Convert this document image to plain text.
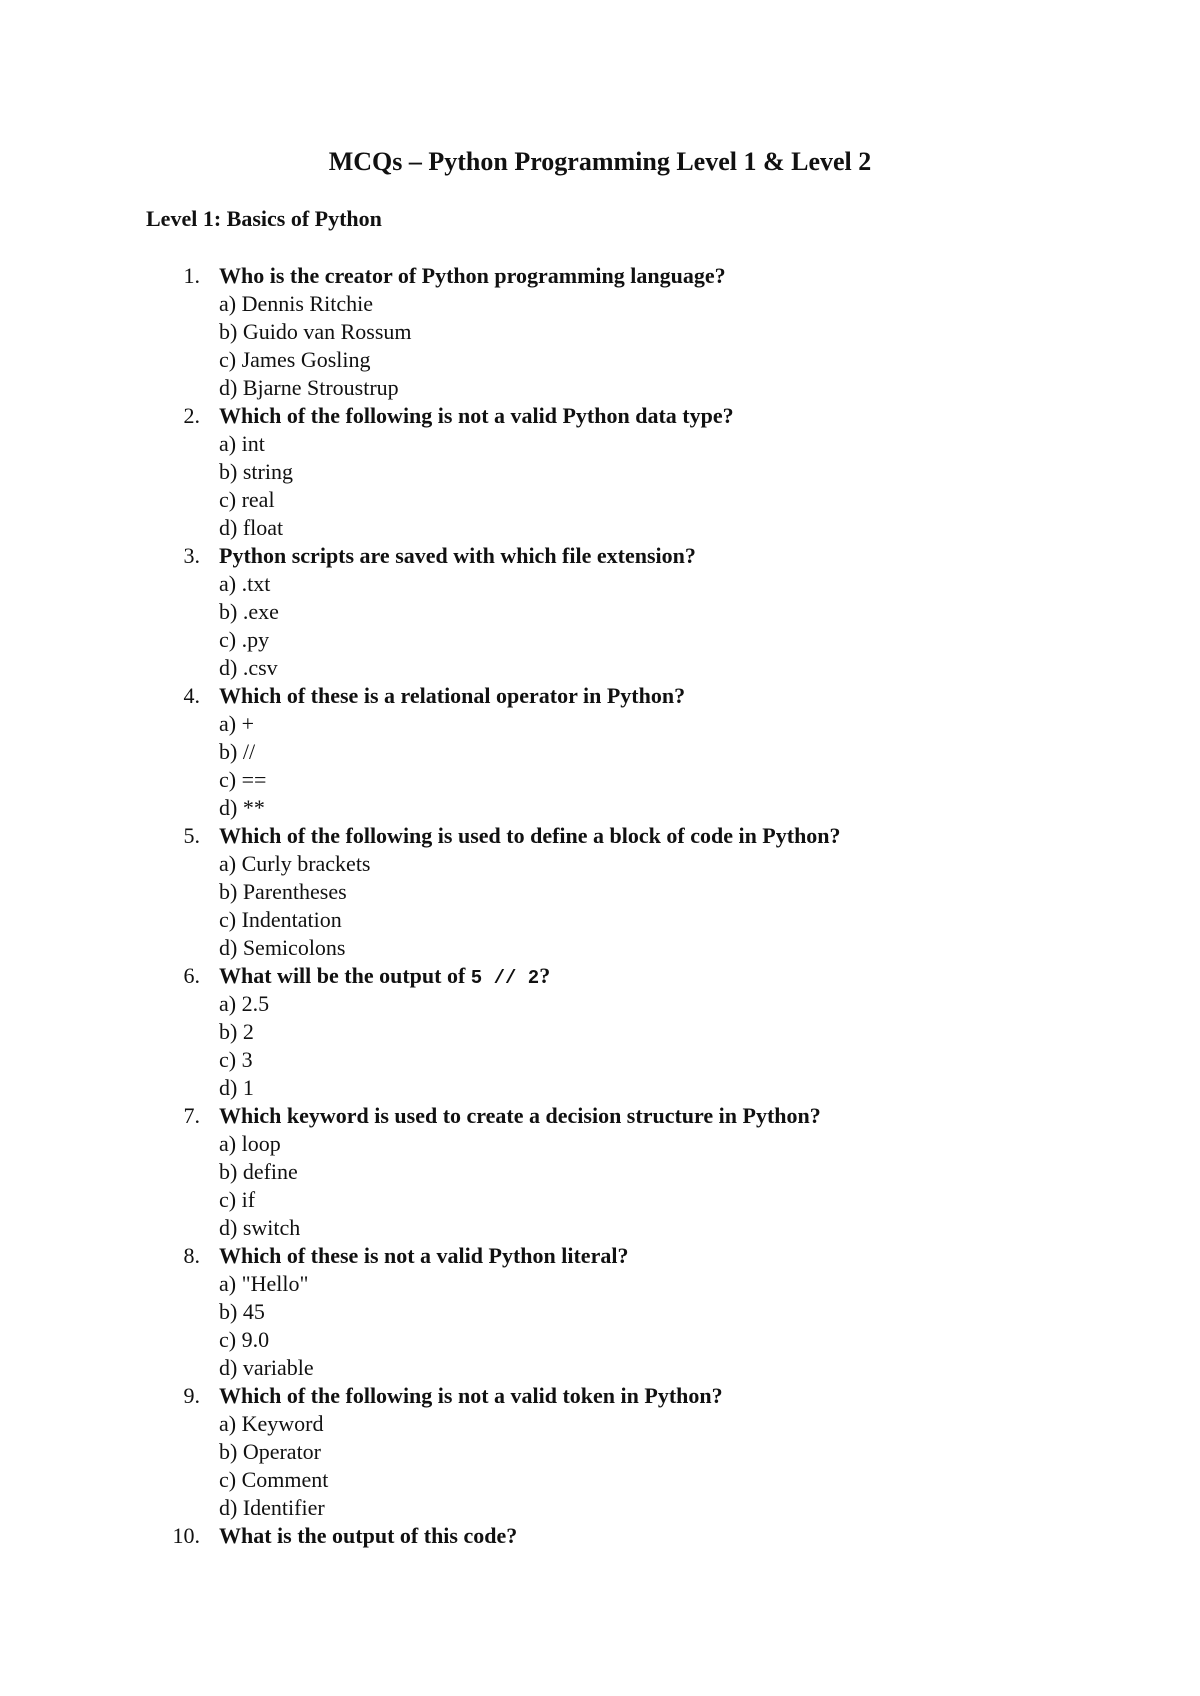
MCQs – Python Programming Level 1 & Level 2
Level 1: Basics of Python
1. Who is the creator of Python programming language?
a) Dennis Ritchie
b) Guido van Rossum
c) James Gosling
d) Bjarne Stroustrup
2. Which of the following is not a valid Python data type?
a) int
b) string
c) real
d) float
3. Python scripts are saved with which file extension?
a) .txt
b) .exe
c) .py
d) .csv
4. Which of these is a relational operator in Python?
a) +
b) //
c) ==
d) **
5. Which of the following is used to define a block of code in Python?
a) Curly brackets
b) Parentheses
c) Indentation
d) Semicolons
6. What will be the output of 5 // 2?
a) 2.5
b) 2
c) 3
d) 1
7. Which keyword is used to create a decision structure in Python?
a) loop
b) define
c) if
d) switch
8. Which of these is not a valid Python literal?
a) "Hello"
b) 45
c) 9.0
d) variable
9. Which of the following is not a valid token in Python?
a) Keyword
b) Operator
c) Comment
d) Identifier
10. What is the output of this code?
